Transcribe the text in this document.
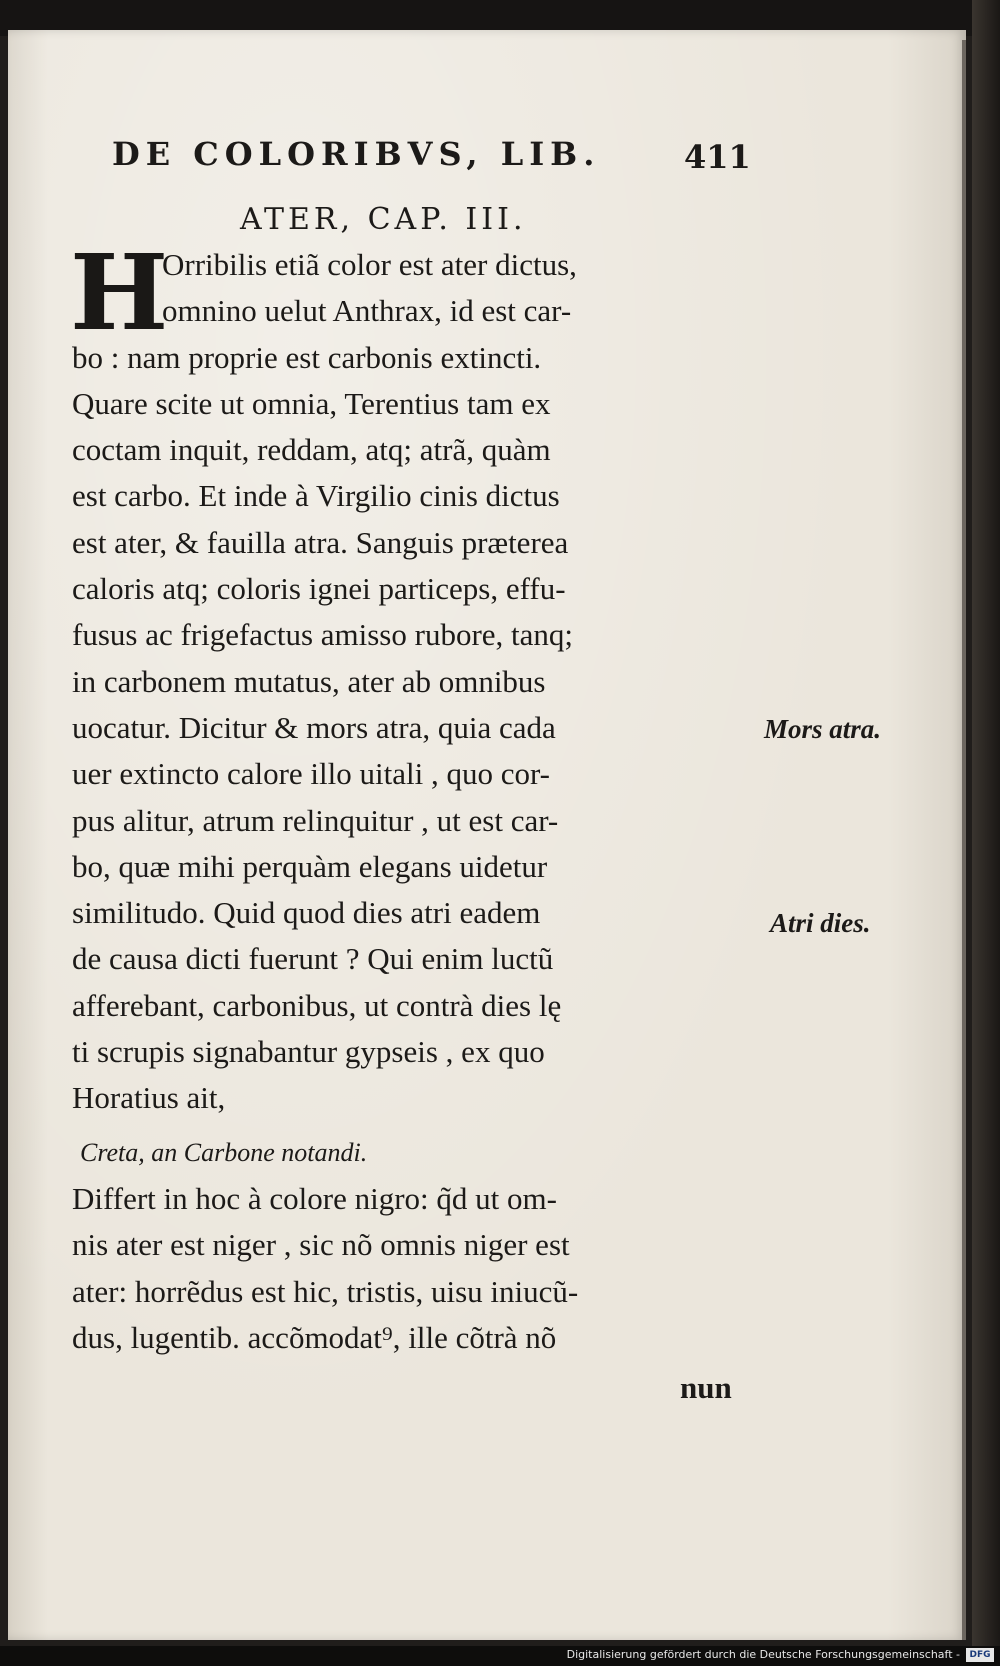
DE COLORIBVS, LIB.	411
ATER, CAP. III.
H
Orribilis etiã color est ater dictus,
omnino uelut Anthrax, id est car-
bo : nam proprie est carbonis extincti.
Quare scite ut omnia, Terentius tam ex
coctam inquit, reddam, atq; atrã, quàm
est carbo. Et inde à Virgilio cinis dictus
est ater, & fauilla atra. Sanguis præterea
caloris atq; coloris ignei particeps, effu-
fusus ac frigefactus amisso rubore, tanq;
in carbonem mutatus, ater ab omnibus
uocatur. Dicitur & mors atra, quia cada
uer extincto calore illo uitali , quo cor-
pus alitur, atrum relinquitur , ut est car-
bo, quæ mihi perquàm elegans uidetur
similitudo. Quid quod dies atri eadem
de causa dicti fuerunt ? Qui enim luctũ
afferebant, carbonibus, ut contrà dies lę
ti scrupis signabantur gypseis , ex quo
Horatius ait,
Creta, an Carbone notandi.
Differt in hoc à colore nigro: q̃d ut om-
nis ater est niger , sic nõ omnis niger est
ater: horrẽdus est hic, tristis, uisu iniucũ-
dus, lugentib. accõmodat⁹, ille cõtrà nõ
nun
Mors atra.
Atri dies.
Digitalisierung gefördert durch die Deutsche Forschungsgemeinschaft -	DFG
